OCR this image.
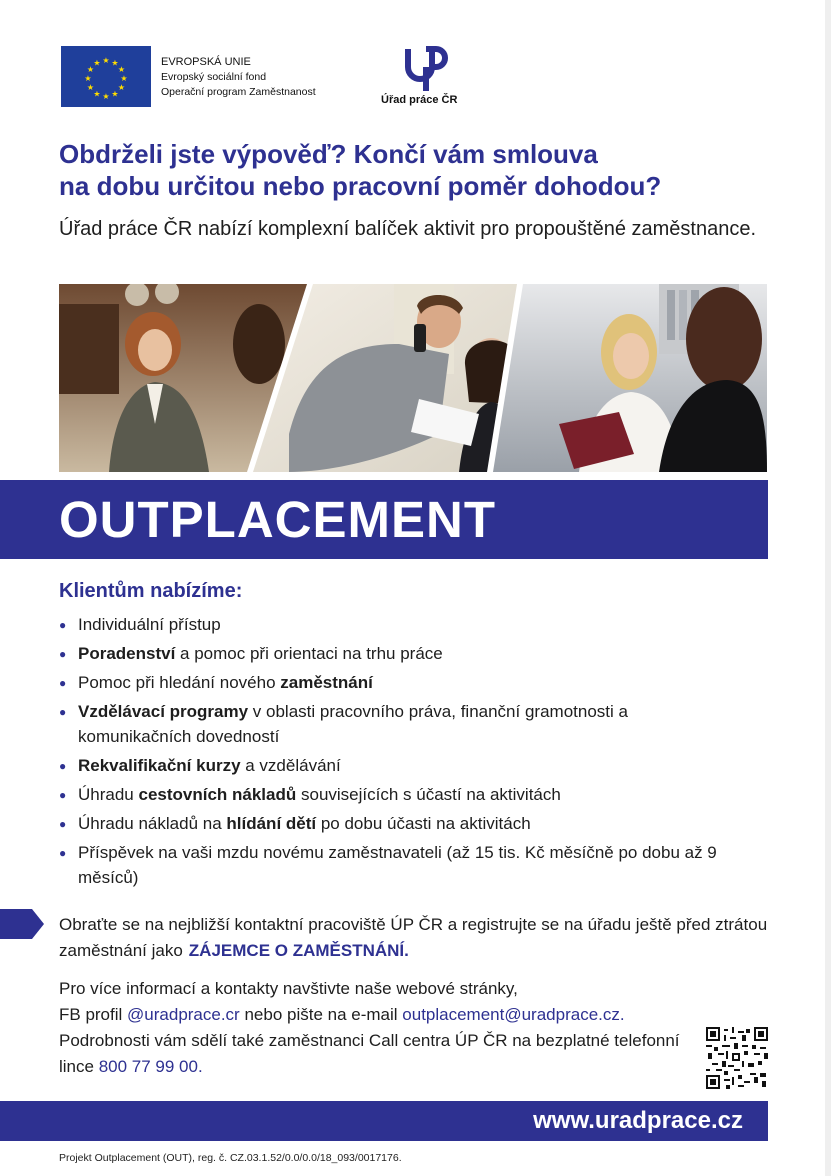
★ ★
★
★
★
★
★
★
★
★
★
★	EVROPSKÁ UNIE
Evropský sociální fond
Operační program Zaměstnanost
Úřad práce ČR
Obdrželi jste výpověď? Končí vám smlouva
na dobu určitou nebo pracovní poměr dohodou?
Úřad práce ČR nabízí komplexní balíček aktivit pro propouštěné zaměstnance.
OUTPLACEMENT
Klientům nabízíme:
● Individuální přístup
● Poradenství a pomoc při orientaci na trhu práce
● Pomoc při hledání nového zaměstnání
● Vzdělávací programy v oblasti pracovního práva, finanční gramotnosti a komunikačních dovedností
● Rekvalifikační kurzy a vzdělávání
● Úhradu cestovních nákladů souvisejících s účastí na aktivitách
● Úhradu nákladů na hlídání dětí po dobu účasti na aktivitách
● Příspěvek na vaši mzdu novému zaměstnavateli (až 15 tis. Kč měsíčně po dobu až 9 měsíců)
Obraťte se na nejbližší kontaktní pracoviště ÚP ČR a registrujte se na úřadu ještě před ztrátou zaměstnání jako ZÁJEMCE O ZAMĚSTNÁNÍ.
Pro více informací a kontakty navštivte naše webové stránky,
FB profil @uradprace.cr nebo pište na e-mail outplacement@uradprace.cz.
Podrobnosti vám sdělí také zaměstnanci Call centra ÚP ČR na bezplatné telefonní lince 800 77 99 00.
www.uradprace.cz
Projekt Outplacement (OUT), reg. č. CZ.03.1.52/0.0/0.0/18_093/0017176.
